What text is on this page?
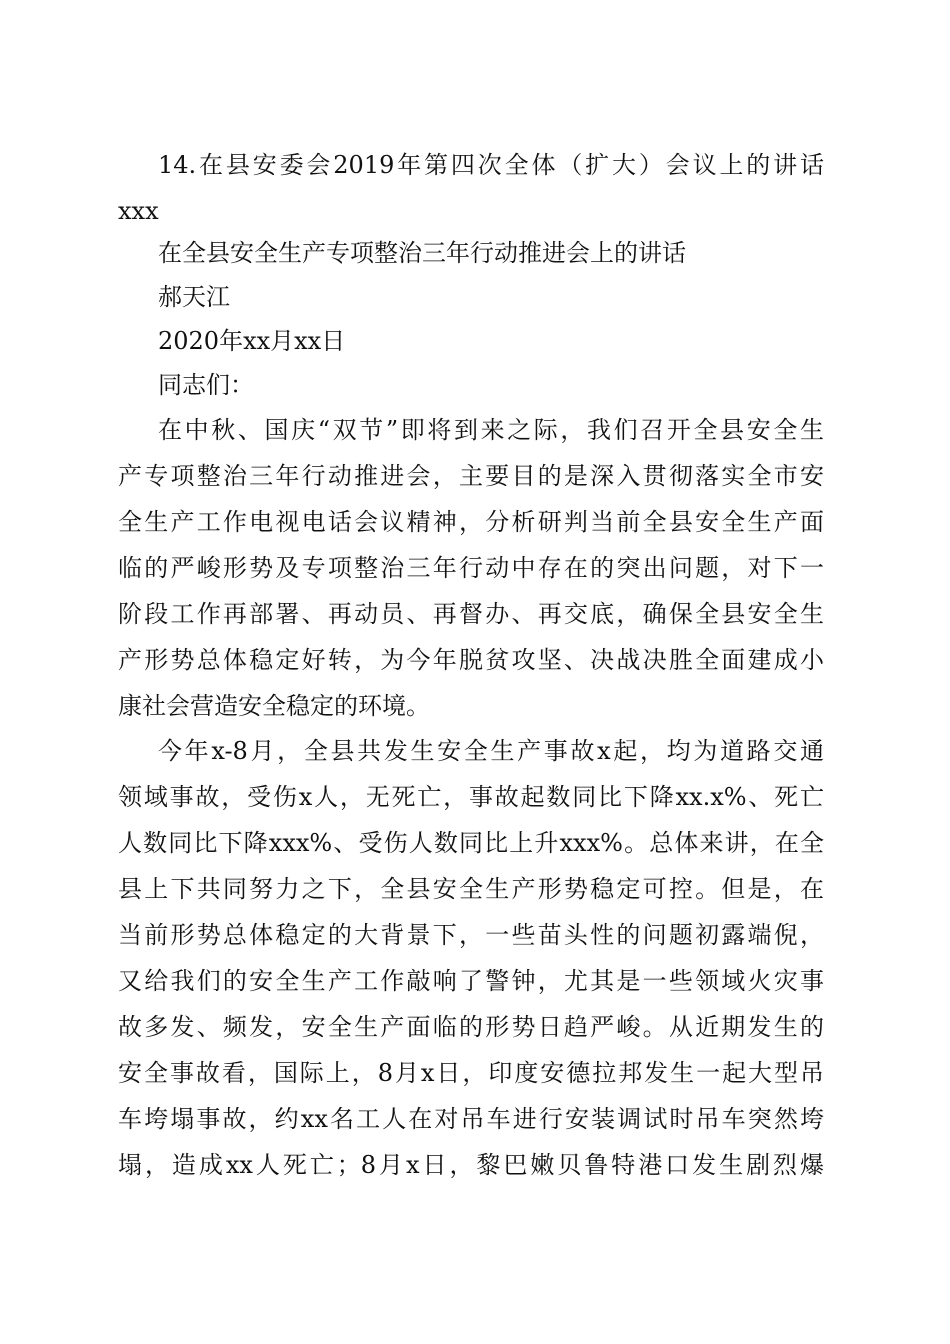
14.在县安委会2019年第四次全体（扩大）会议上的讲话
xxx
在全县安全生产专项整治三年行动推进会上的讲话
郝天江
2020年xx月xx日
同志们：
在中秋、国庆“双节”即将到来之际，我们召开全县安全生
产专项整治三年行动推进会，主要目的是深入贯彻落实全市安
全生产工作电视电话会议精神，分析研判当前全县安全生产面
临的严峻形势及专项整治三年行动中存在的突出问题，对下一
阶段工作再部署、再动员、再督办、再交底，确保全县安全生
产形势总体稳定好转，为今年脱贫攻坚、决战决胜全面建成小
康社会营造安全稳定的环境。
今年x-8月，全县共发生安全生产事故x起，均为道路交通
领域事故，受伤x人，无死亡，事故起数同比下降xx.x%、死亡
人数同比下降xxx%、受伤人数同比上升xxx%。总体来讲，在全
县上下共同努力之下，全县安全生产形势稳定可控。但是，在
当前形势总体稳定的大背景下，一些苗头性的问题初露端倪，
又给我们的安全生产工作敲响了警钟，尤其是一些领域火灾事
故多发、频发，安全生产面临的形势日趋严峻。从近期发生的
安全事故看，国际上，8月x日，印度安德拉邦发生一起大型吊
车垮塌事故，约xx名工人在对吊车进行安装调试时吊车突然垮
塌，造成xx人死亡；8月x日，黎巴嫩贝鲁特港口发生剧烈爆
